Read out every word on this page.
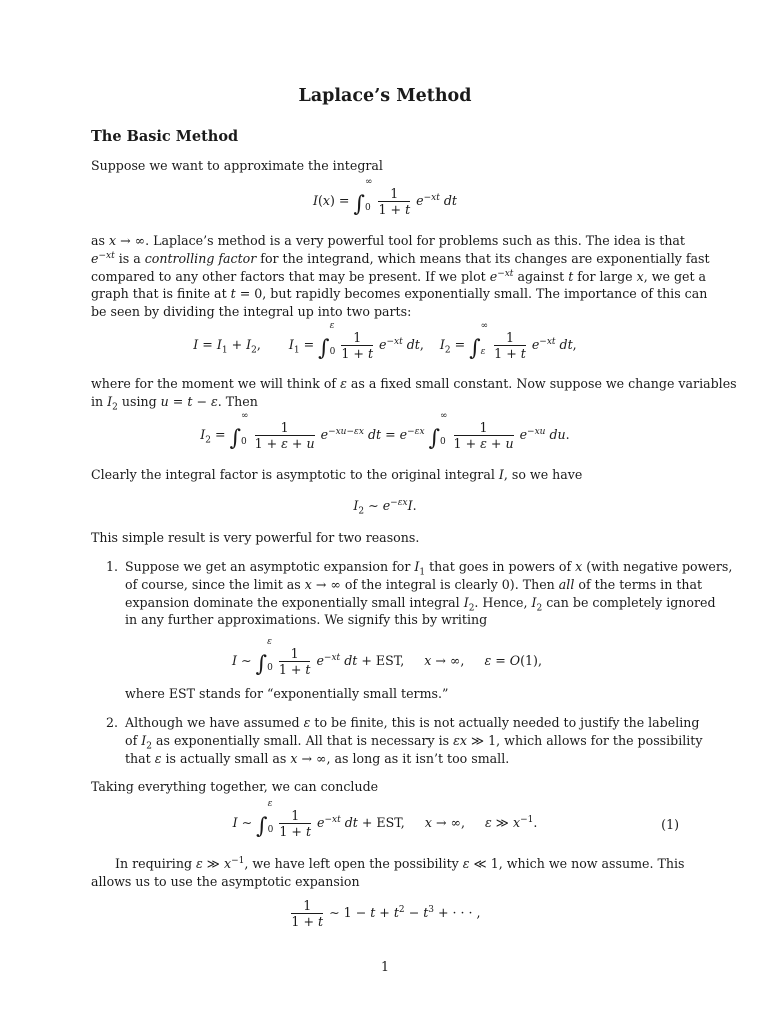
Laplace’s Method
The Basic Method
Suppose we want to approximate the integral
I(x) = ∫∞
$0 \frac{1}{1 + t} e^{-xt}$ dt
as x → ∞. Laplace’s method is a very powerful tool for problems such as this. The idea is that
$e^{-xt}$ is a controlling factor for the integrand, which means that its changes are exponentially fast
compared to any other factors that may be present. If we plot $e^{-xt}$ against t for large x, we get a
graph that is finite at t = 0, but rapidly becomes exponentially small. The importance of this can
be seen by dividing the integral up into two parts:
$I = I_1 + I_2$,       $I_1 = \int\varepsilon$
$0 \frac{1}{1 + t} e^{-xt}$ dt,    $I_2$ = ∫∞
ε $\frac{1}{1 + t} e^{-xt}$ dt,
where for the moment we will think of ε as a fixed small constant. Now suppose we change variables
in $I_2$ using u = t − ε. Then
$I_2$ = ∫∞
$0 \frac{1}{1 + \varepsilon + u} e^{-xu-\varepsilon x}$ dt = $e^{-\varepsilon x}$ ∫∞
$0 \frac{1}{1 + \varepsilon + u} e^{-xu}$ du.
Clearly the integral factor is asymptotic to the original integral I, so we have
$I_2$ ∼ $e^{-\varepsilon x}I$.
This simple result is very powerful for two reasons.
1. Suppose we get an asymptotic expansion for $I_1$ that goes in powers of x (with negative powers,
of course, since the limit as x → ∞ of the integral is clearly 0). Then all of the terms in that
expansion dominate the exponentially small integral $I_2$. Hence, $I_2$ can be completely ignored
in any further approximations. We signify this by writing
I ∼ ∫ε
$0 \frac{1}{1 + t} e^{-xt}$ dt + EST,     x → ∞,     ε = O(1),
where EST stands for “exponentially small terms.”
2. Although we have assumed ε to be finite, this is not actually needed to justify the labeling
of $I_2$ as exponentially small. All that is necessary is εx ≫ 1, which allows for the possibility
that ε is actually small as x → ∞, as long as it isn’t too small.
Taking everything together, we can conclude
I ∼ ∫ε
$0 \frac{1}{1 + t} e^{-xt}$ dt + EST,     x → ∞,     ε ≫ $x^{-1}$.	(1)
In requiring ε ≫ $x^{-1}$, we have left open the possibility ε ≪ 1, which we now assume. This
allows us to use the asymptotic expansion
$\frac{1}{1 + t}$ ∼ $1 - t + t^2 - t^3$ + · · · ,
1
